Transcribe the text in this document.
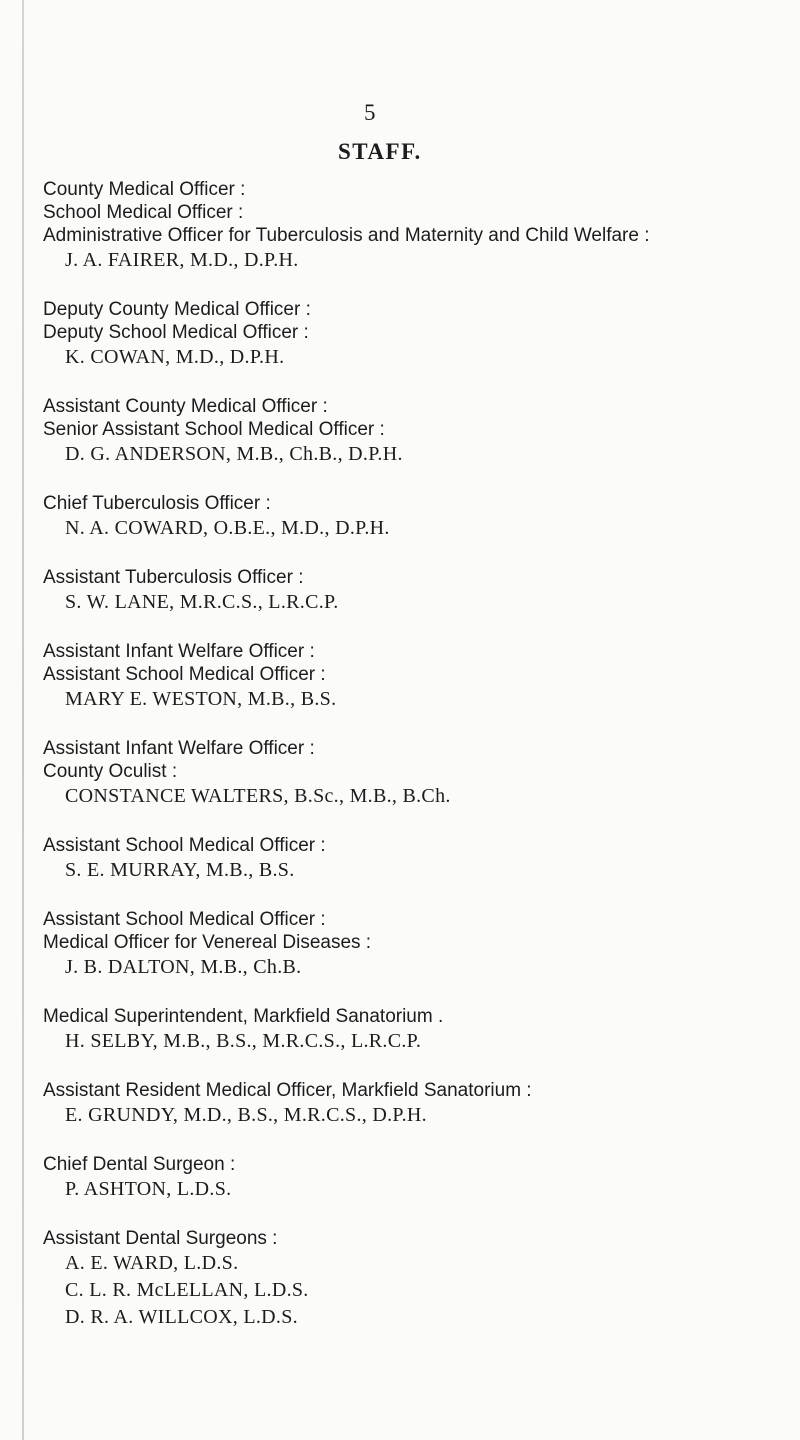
5
STAFF.
County Medical Officer :
School Medical Officer :
Administrative Officer for Tuberculosis and Maternity and Child Welfare :
J. A. FAIRER, M.D., D.P.H.
Deputy County Medical Officer :
Deputy School Medical Officer :
K. COWAN, M.D., D.P.H.
Assistant County Medical Officer :
Senior Assistant School Medical Officer :
D. G. ANDERSON, M.B., Ch.B., D.P.H.
Chief Tuberculosis Officer :
N. A. COWARD, O.B.E., M.D., D.P.H.
Assistant Tuberculosis Officer :
S. W. LANE, M.R.C.S., L.R.C.P.
Assistant Infant Welfare Officer :
Assistant School Medical Officer :
MARY E. WESTON, M.B., B.S.
Assistant Infant Welfare Officer :
County Oculist :
CONSTANCE WALTERS, B.Sc., M.B., B.Ch.
Assistant School Medical Officer :
S. E. MURRAY, M.B., B.S.
Assistant School Medical Officer :
Medical Officer for Venereal Diseases :
J. B. DALTON, M.B., Ch.B.
Medical Superintendent, Markfield Sanatorium .
H. SELBY, M.B., B.S., M.R.C.S., L.R.C.P.
Assistant Resident Medical Officer, Markfield Sanatorium :
E. GRUNDY, M.D., B.S., M.R.C.S., D.P.H.
Chief Dental Surgeon :
P. ASHTON, L.D.S.
Assistant Dental Surgeons :
A. E. WARD, L.D.S.
C. L. R. McLELLAN, L.D.S.
D. R. A. WILLCOX, L.D.S.
